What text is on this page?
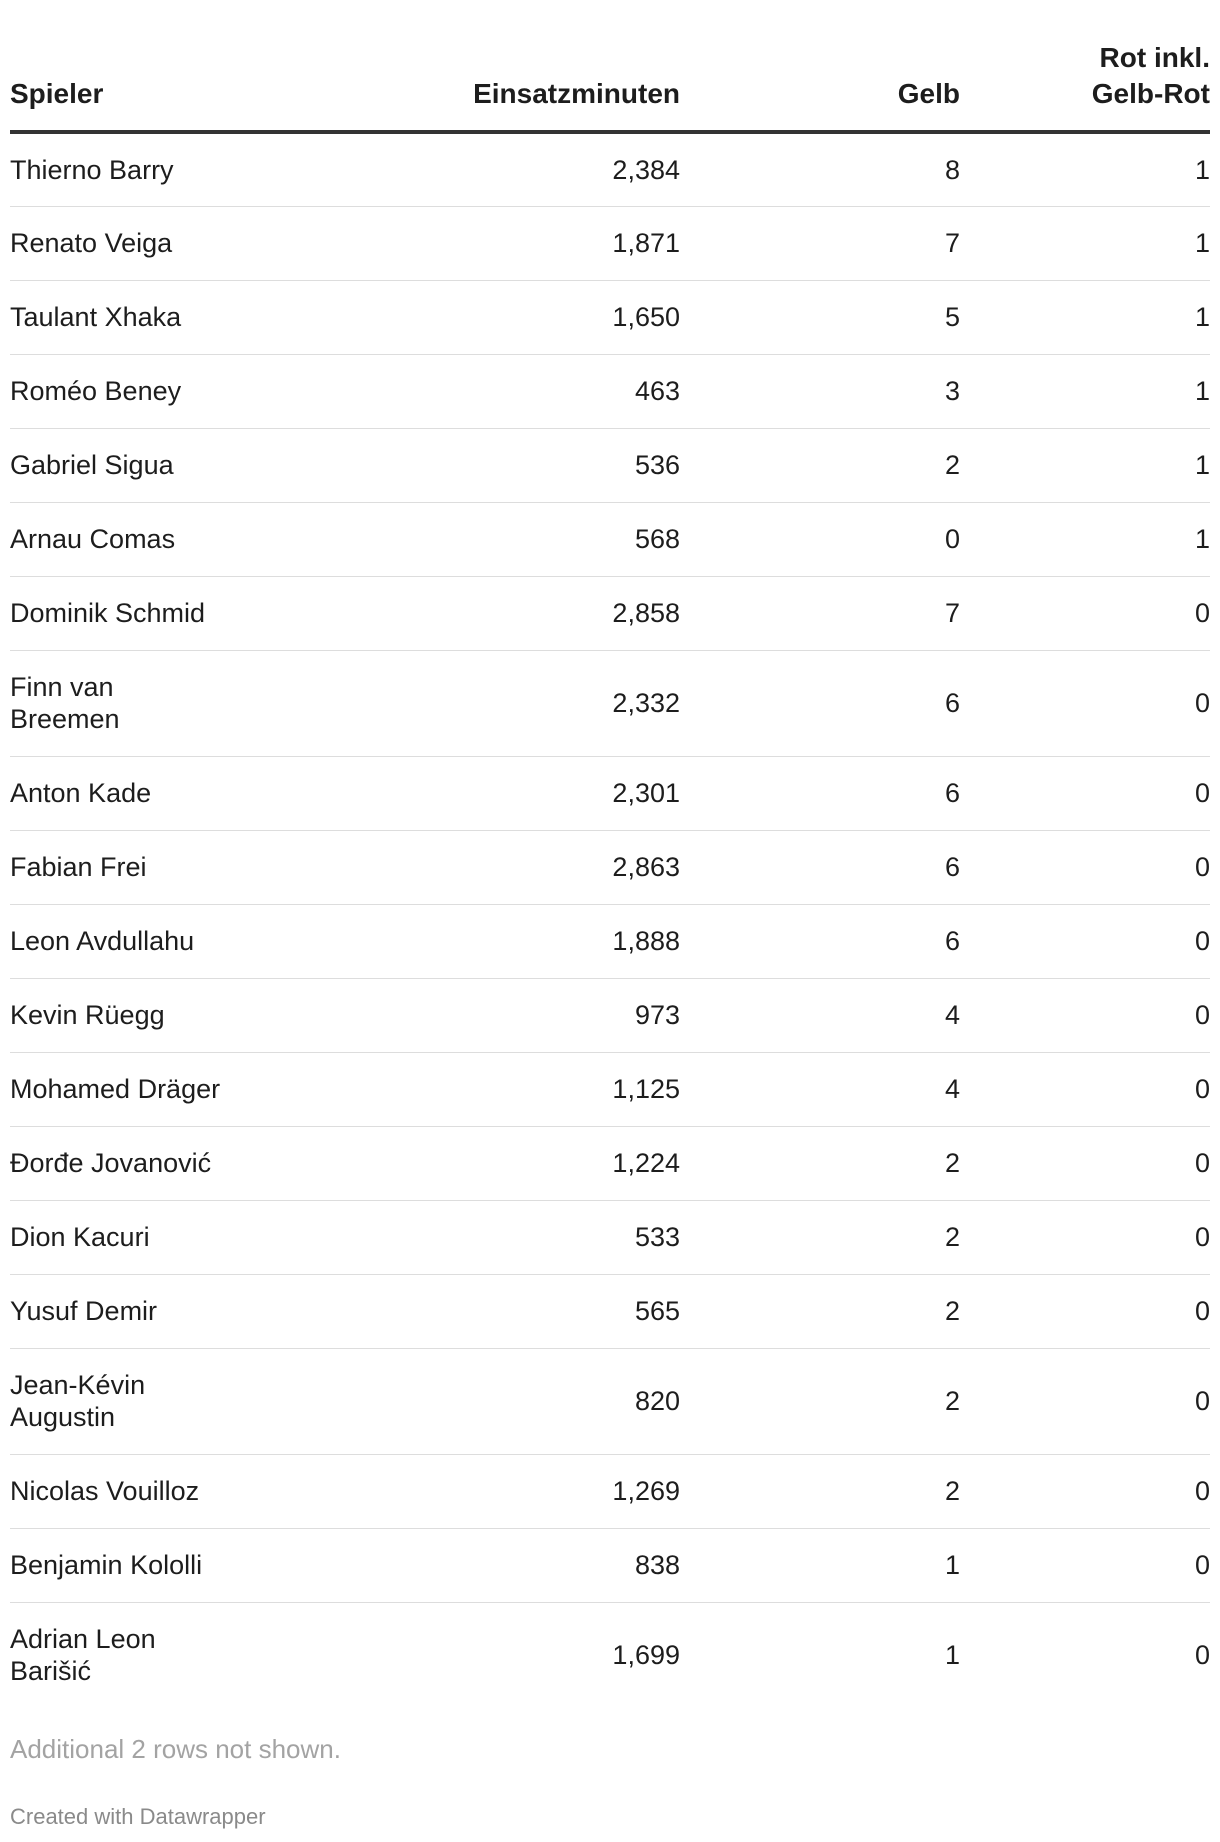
Spieler	Einsatzminuten	Gelb	Rot inkl.
Gelb-Rot
Thierno Barry	2,384	8	1
Renato Veiga	1,871	7	1
Taulant Xhaka	1,650	5	1
Roméo Beney	463	3	1
Gabriel Sigua	536	2	1
Arnau Comas	568	0	1
Dominik Schmid	2,858	7	0
Finn van
Breemen	2,332	6	0
Anton Kade	2,301	6	0
Fabian Frei	2,863	6	0
Leon Avdullahu	1,888	6	0
Kevin Rüegg	973	4	0
Mohamed Dräger	1,125	4	0
Đorđe Jovanović	1,224	2	0
Dion Kacuri	533	2	0
Yusuf Demir	565	2	0
Jean-Kévin
Augustin	820	2	0
Nicolas Vouilloz	1,269	2	0
Benjamin Kololli	838	1	0
Adrian Leon
Barišić	1,699	1	0
Additional 2 rows not shown.
Created with Datawrapper
